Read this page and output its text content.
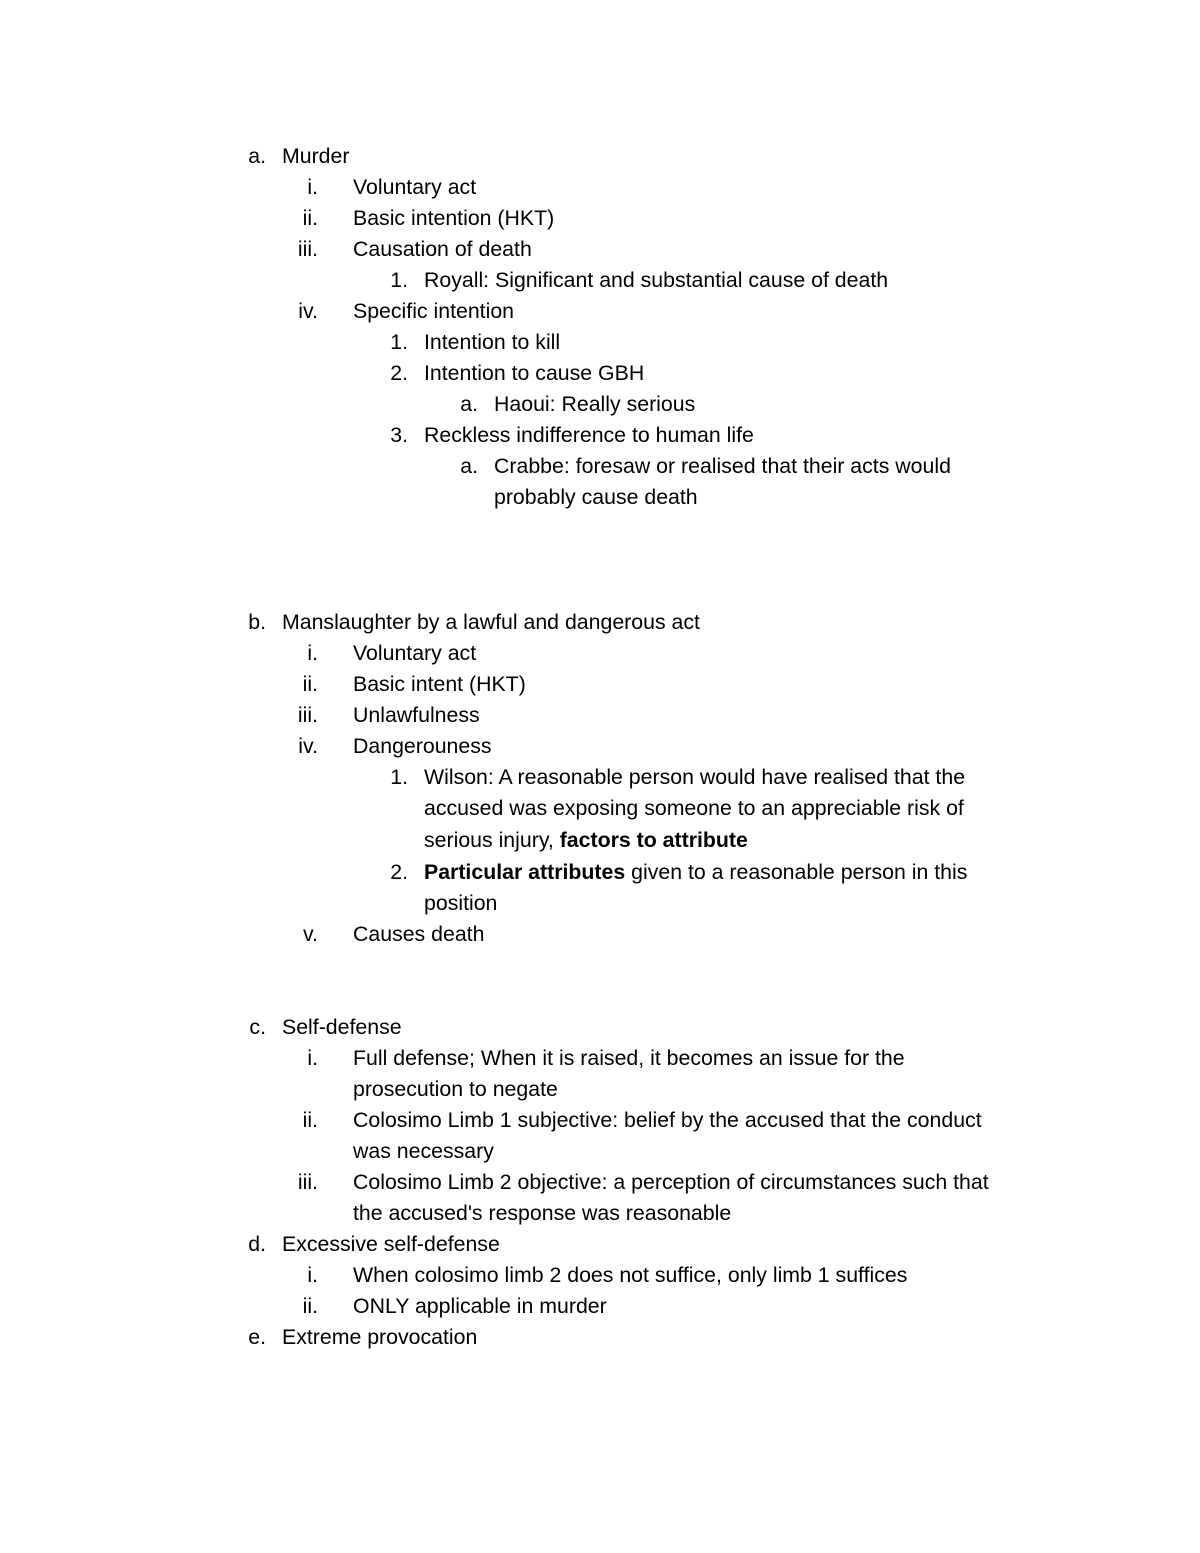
a. Murder
i. Voluntary act
ii. Basic intention (HKT)
iii. Causation of death
1. Royall: Significant and substantial cause of death
iv. Specific intention
1. Intention to kill
2. Intention to cause GBH
a. Haoui: Really serious
3. Reckless indifference to human life
a. Crabbe: foresaw or realised that their acts would
probably cause death
b. Manslaughter by a lawful and dangerous act
i. Voluntary act
ii. Basic intent (HKT)
iii. Unlawfulness
iv. Dangerouness
1. Wilson: A reasonable person would have realised that the
accused was exposing someone to an appreciable risk of
serious injury, factors to attribute
2. Particular attributes given to a reasonable person in this
position
v. Causes death
c. Self-defense
i. Full defense; When it is raised, it becomes an issue for the
prosecution to negate
ii. Colosimo Limb 1 subjective: belief by the accused that the conduct
was necessary
iii. Colosimo Limb 2 objective: a perception of circumstances such that
the accused's response was reasonable
d. Excessive self-defense
i. When colosimo limb 2 does not suffice, only limb 1 suffices
ii. ONLY applicable in murder
e. Extreme provocation
